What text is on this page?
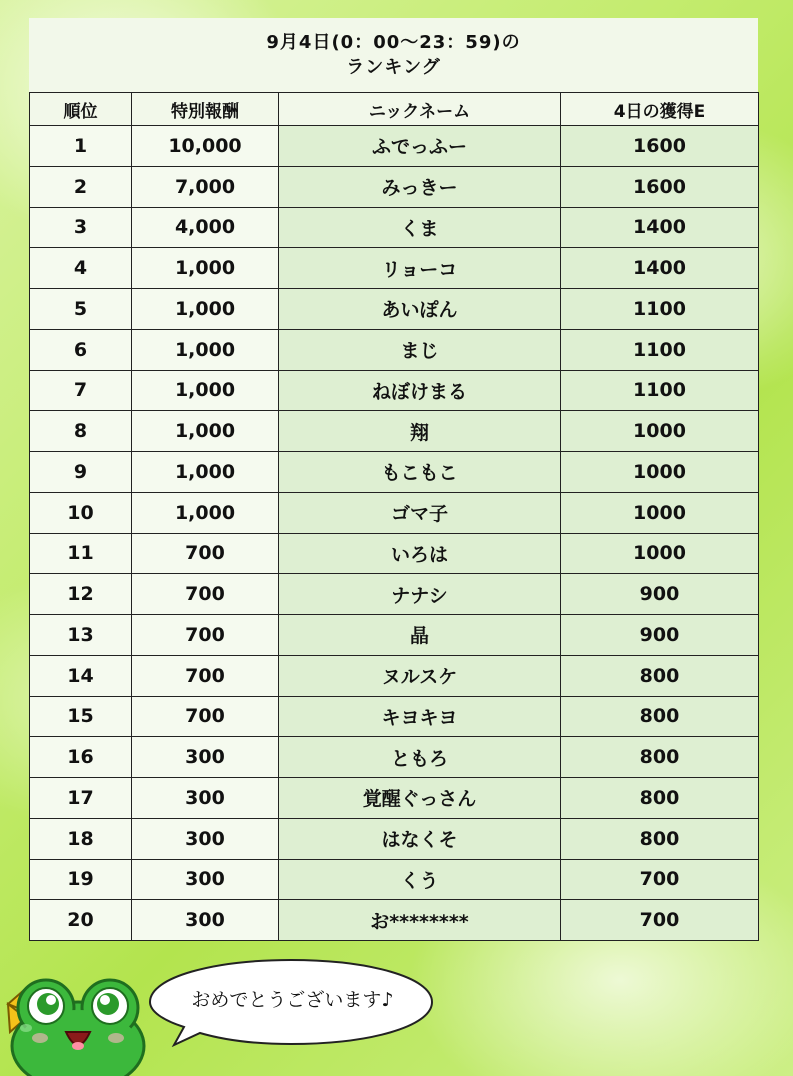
9月4日(0：00～23：59)の
ランキング
順位	特別報酬	ニックネーム	4日の獲得E
1	10,000	ふでっふー	1600
2	7,000	みっきー	1600
3	4,000	くま	1400
4	1,000	リョーコ	1400
5	1,000	あいぽん	1100
6	1,000	まじ	1100
7	1,000	ねぼけまる	1100
8	1,000	翔	1000
9	1,000	もこもこ	1000
10	1,000	ゴマ子	1000
11	700	いろは	1000
12	700	ナナシ	900
13	700	晶	900
14	700	ヌルスケ	800
15	700	キヨキヨ	800
16	300	ともろ	800
17	300	覚醒ぐっさん	800
18	300	はなくそ	800
19	300	くう	700
20	300	お********	700
おめでとうございます♪
